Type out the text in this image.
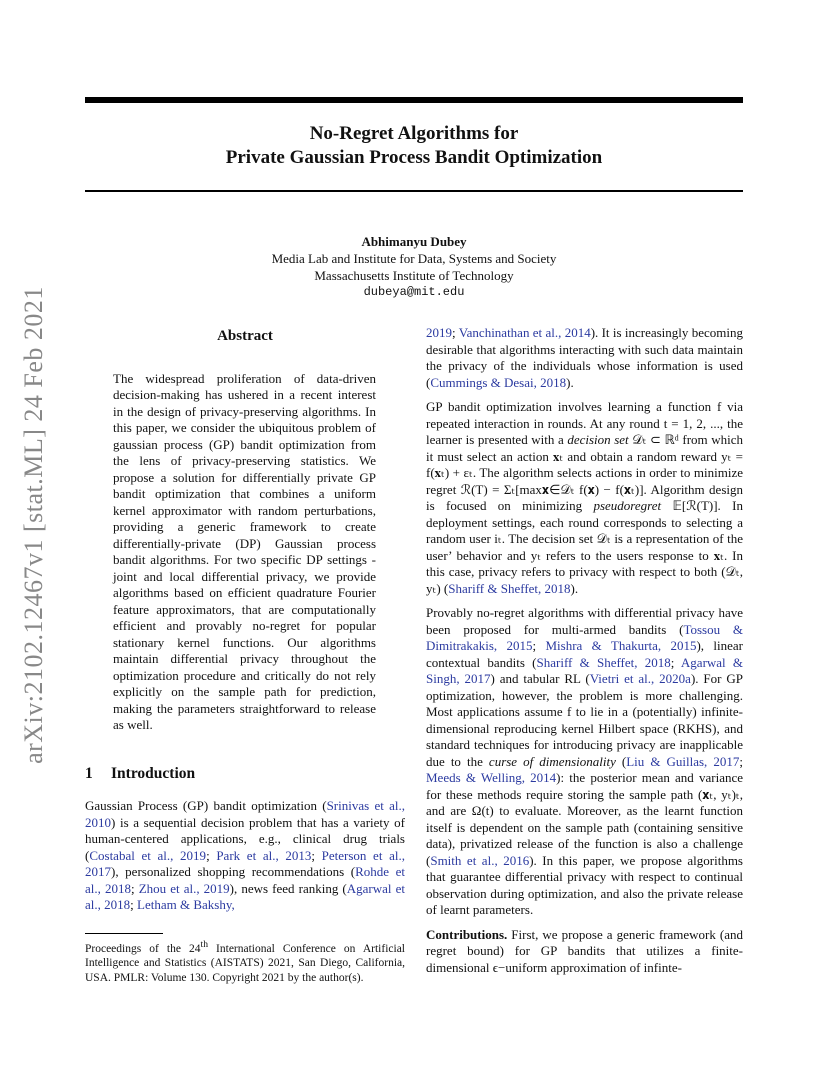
No-Regret Algorithms for
Private Gaussian Process Bandit Optimization
Abhimanyu Dubey
Media Lab and Institute for Data, Systems and Society
Massachusetts Institute of Technology
dubeya@mit.edu
arXiv:2102.12467v1 [stat.ML] 24 Feb 2021	Abstract
The widespread proliferation of data-driven decision-making has ushered in a recent interest in the design of privacy-preserving algorithms. In this paper, we consider the ubiquitous problem of gaussian process (GP) bandit optimization from the lens of privacy-preserving statistics. We propose a solution for differentially private GP bandit optimization that combines a uniform kernel approximator with random perturbations, providing a generic framework to create differentially-private (DP) Gaussian process bandit algorithms. For two specific DP settings - joint and local differential privacy, we provide algorithms based on efficient quadrature Fourier feature approximators, that are computationally efficient and provably no-regret for popular stationary kernel functions. Our algorithms maintain differential privacy throughout the optimization procedure and critically do not rely explicitly on the sample path for prediction, making the parameters straightforward to release as well.
1 Introduction

Gaussian Process (GP) bandit optimization (Srinivas et al., 2010) is a sequential decision problem that has a variety of human-centered applications, e.g., clinical drug trials (Costabal et al., 2019; Park et al., 2013; Peterson et al., 2017), personalized shopping recommendations (Rohde et al., 2018; Zhou et al., 2019), news feed ranking (Agarwal et al., 2018; Letham & Bakshy,

Proceedings of the 24th International Conference on Artificial Intelligence and Statistics (AISTATS) 2021, San Diego, California, USA. PMLR: Volume 130. Copyright 2021 by the author(s).

2019; Vanchinathan et al., 2014). It is increasingly becoming desirable that algorithms interacting with such data maintain the privacy of the individuals whose information is used (Cummings & Desai, 2018).

GP bandit optimization involves learning a function f via repeated interaction in rounds. At any round t = 1, 2, ..., the learner is presented with a decision set 𝒟ₜ ⊂ ℝᵈ from which it must select an action 𝐱ₜ and obtain a random reward yₜ = f(𝐱ₜ) + εₜ. The algorithm selects actions in order to minimize regret ℛ(T) = Σₜ[max𝐱∈𝒟ₜ f(𝐱) − f(𝐱ₜ)]. Algorithm design is focused on minimizing pseudoregret 𝔼[ℛ(T)]. In deployment settings, each round corresponds to selecting a random user iₜ. The decision set 𝒟ₜ is a representation of the user’ behavior and yₜ refers to the users response to 𝐱ₜ. In this case, privacy refers to privacy with respect to both (𝒟ₜ, yₜ) (Shariff & Sheffet, 2018).

Provably no-regret algorithms with differential privacy have been proposed for multi-armed bandits (Tossou & Dimitrakakis, 2015; Mishra & Thakurta, 2015), linear contextual bandits (Shariff & Sheffet, 2018; Agarwal & Singh, 2017) and tabular RL (Vietri et al., 2020a). For GP optimization, however, the problem is more challenging. Most applications assume f to lie in a (potentially) infinite-dimensional reproducing kernel Hilbert space (RKHS), and standard techniques for introducing privacy are inapplicable due to the curse of dimensionality (Liu & Guillas, 2017; Meeds & Welling, 2014): the posterior mean and variance for these methods require storing the sample path (𝐱ₜ, yₜ)ₜ, and are Ω(t) to evaluate. Moreover, as the learnt function itself is dependent on the sample path (containing sensitive data), privatized release of the function is also a challenge (Smith et al., 2016). In this paper, we propose algorithms that guarantee differential privacy with respect to continual observation during optimization, and also the private release of learnt parameters.

Contributions. First, we propose a generic framework (and regret bound) for GP bandits that utilizes a finite-dimensional ϵ−uniform approximation of infinte-
